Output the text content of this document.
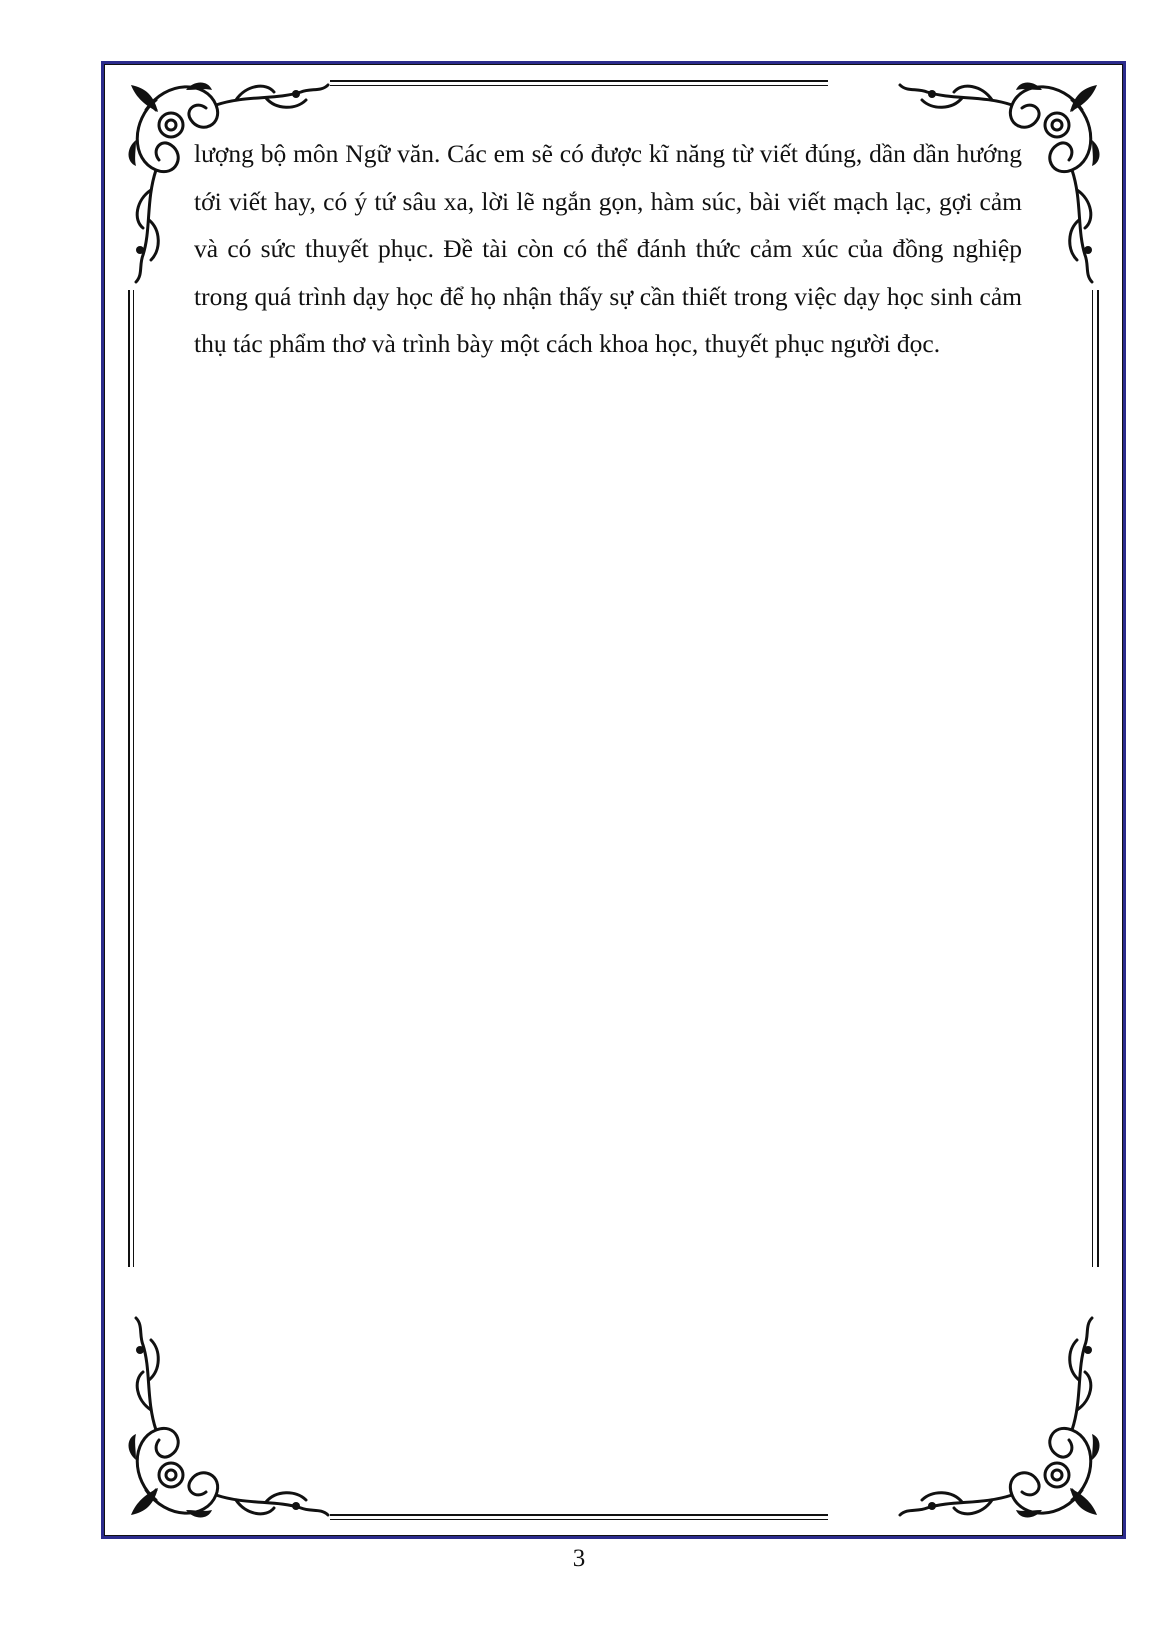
lượng bộ môn Ngữ văn. Các em sẽ có được kĩ năng từ viết đúng, dần dần hướng tới viết hay, có ý tứ sâu xa, lời lẽ ngắn gọn, hàm súc, bài viết mạch lạc, gợi cảm và có sức thuyết phục. Đề tài còn có thể đánh thức cảm xúc của đồng nghiệp trong quá trình dạy học để họ nhận thấy sự cần thiết trong việc dạy học sinh cảm thụ tác phẩm thơ và trình bày một cách khoa học, thuyết phục người đọc.

3
